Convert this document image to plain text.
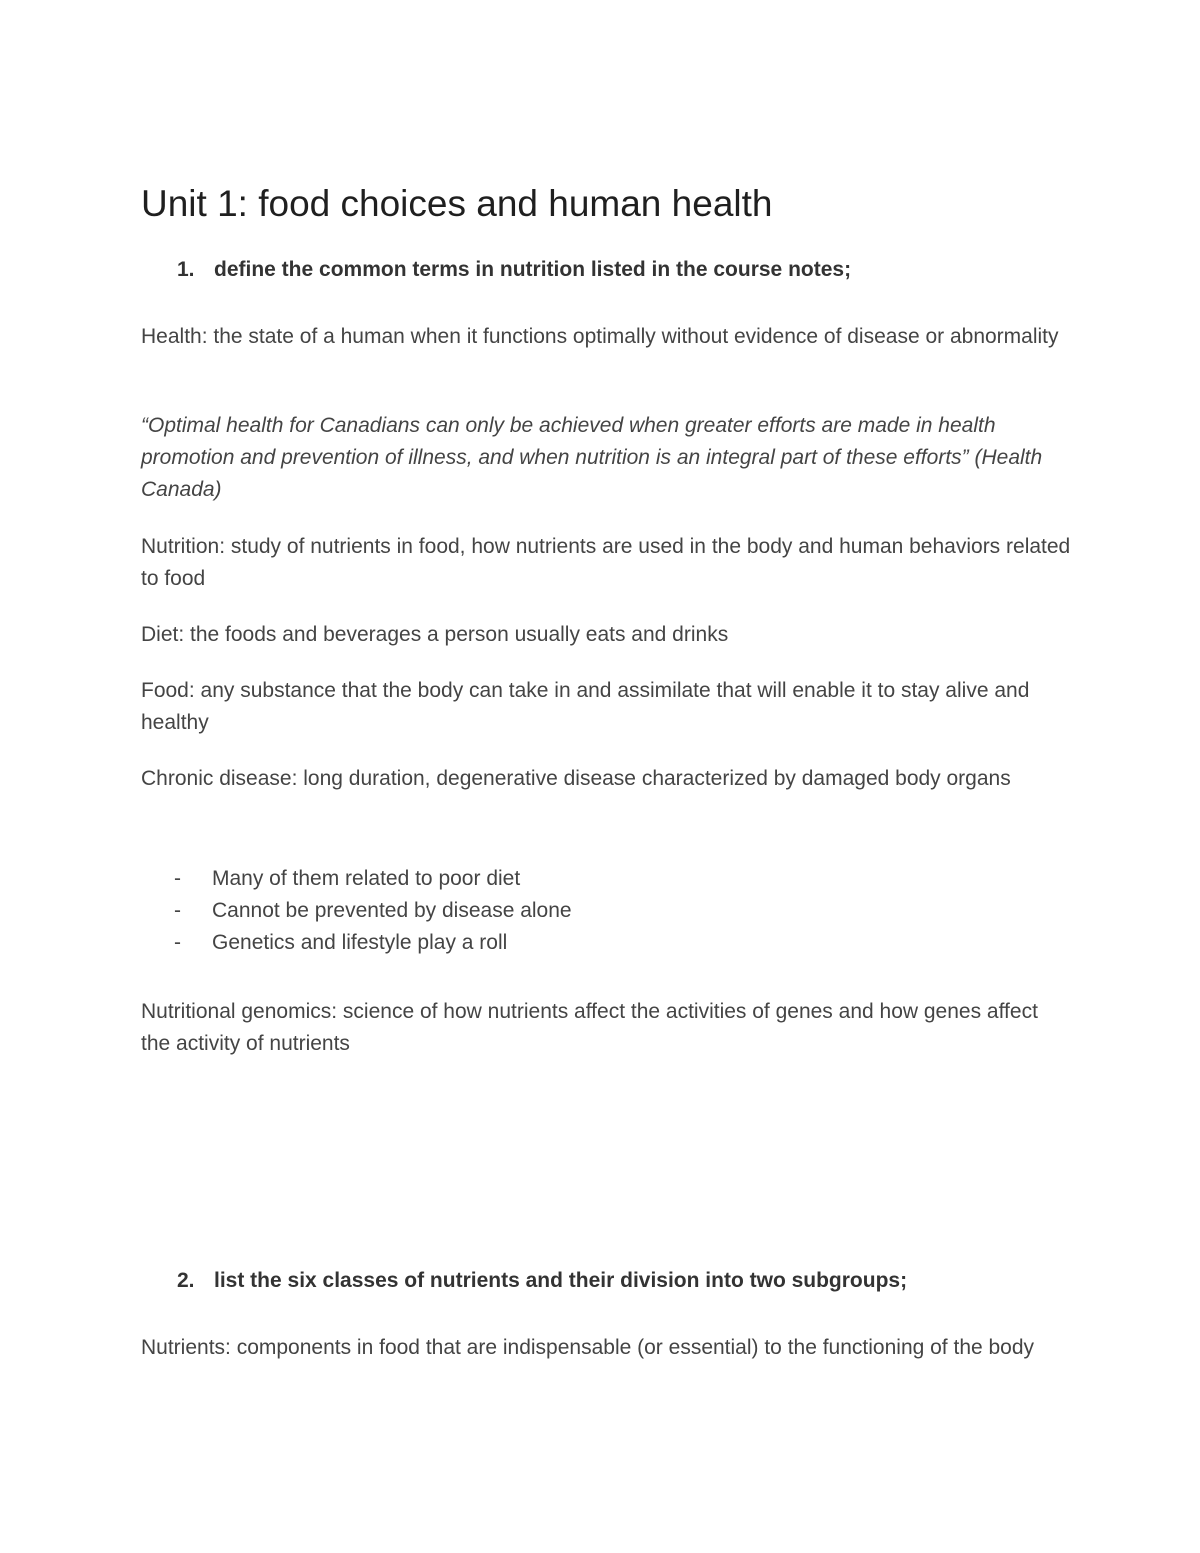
Unit 1: food choices and human health
1. define the common terms in nutrition listed in the course notes;

Health: the state of a human when it functions optimally without evidence of disease or abnormality

“Optimal health for Canadians can only be achieved when greater efforts are made in health promotion and prevention of illness, and when nutrition is an integral part of these efforts” (Health Canada)

Nutrition: study of nutrients in food, how nutrients are used in the body and human behaviors related to food

Diet: the foods and beverages a person usually eats and drinks

Food: any substance that the body can take in and assimilate that will enable it to stay alive and healthy

Chronic disease: long duration, degenerative disease characterized by damaged body organs

- Many of them related to poor diet
- Cannot be prevented by disease alone
- Genetics and lifestyle play a roll

Nutritional genomics: science of how nutrients affect the activities of genes and how genes affect the activity of nutrients

2. list the six classes of nutrients and their division into two subgroups;

Nutrients: components in food that are indispensable (or essential) to the functioning of the body
